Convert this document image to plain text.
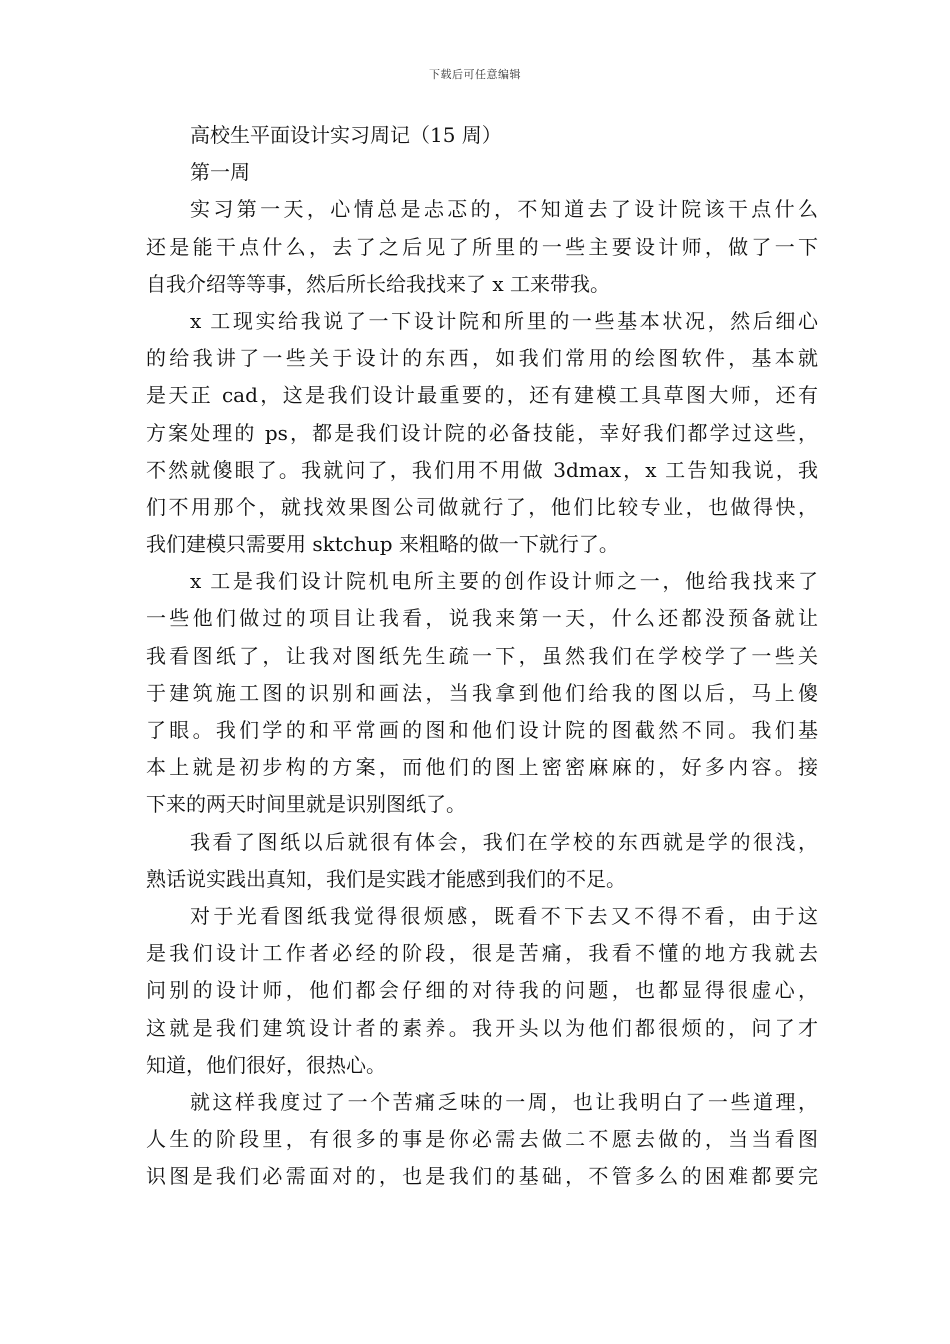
下载后可任意编辑
高校生平面设计实习周记（15 周）
第一周
实习第一天，心情总是忐忑的，不知道去了设计院该干点什么
还是能干点什么，去了之后见了所里的一些主要设计师，做了一下
自我介绍等等事，然后所长给我找来了 x 工来带我。
x 工现实给我说了一下设计院和所里的一些基本状况，然后细心
的给我讲了一些关于设计的东西，如我们常用的绘图软件，基本就
是天正 cad，这是我们设计最重要的，还有建模工具草图大师，还有
方案处理的 ps，都是我们设计院的必备技能，幸好我们都学过这些，
不然就傻眼了。我就问了，我们用不用做 3dmax，x 工告知我说，我
们不用那个，就找效果图公司做就行了，他们比较专业，也做得快，
我们建模只需要用 sktchup 来粗略的做一下就行了。
x 工是我们设计院机电所主要的创作设计师之一，他给我找来了
一些他们做过的项目让我看，说我来第一天，什么还都没预备就让
我看图纸了，让我对图纸先生疏一下，虽然我们在学校学了一些关
于建筑施工图的识别和画法，当我拿到他们给我的图以后，马上傻
了眼。我们学的和平常画的图和他们设计院的图截然不同。我们基
本上就是初步构的方案，而他们的图上密密麻麻的，好多内容。接
下来的两天时间里就是识别图纸了。
我看了图纸以后就很有体会，我们在学校的东西就是学的很浅，
熟话说实践出真知，我们是实践才能感到我们的不足。
对于光看图纸我觉得很烦感，既看不下去又不得不看，由于这
是我们设计工作者必经的阶段，很是苦痛，我看不懂的地方我就去
问别的设计师，他们都会仔细的对待我的问题，也都显得很虚心，
这就是我们建筑设计者的素养。我开头以为他们都很烦的，问了才
知道，他们很好，很热心。
就这样我度过了一个苦痛乏味的一周，也让我明白了一些道理，
人生的阶段里，有很多的事是你必需去做二不愿去做的，当当看图
识图是我们必需面对的，也是我们的基础，不管多么的困难都要完
